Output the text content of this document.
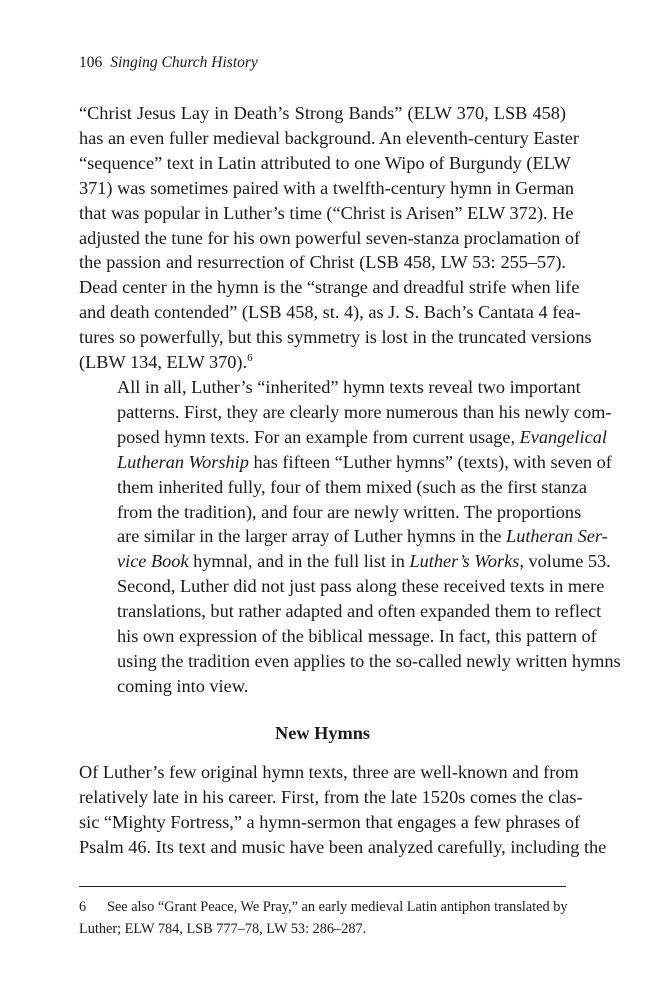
106 Singing Church History

“Christ Jesus Lay in Death’s Strong Bands” (ELW 370, LSB 458)
has an even fuller medieval background. An eleventh-century Easter
“sequence” text in Latin attributed to one Wipo of Burgundy (ELW
371) was sometimes paired with a twelfth-century hymn in German
that was popular in Luther’s time (“Christ is Arisen” ELW 372). He
adjusted the tune for his own powerful seven-stanza proclamation of
the passion and resurrection of Christ (LSB 458, LW 53: 255–57).
Dead center in the hymn is the “strange and dreadful strife when life
and death contended” (LSB 458, st. 4), as J. S. Bach’s Cantata 4 fea-
tures so powerfully, but this symmetry is lost in the truncated versions
(LBW 134, ELW 370).$^6$

All in all, Luther’s “inherited” hymn texts reveal two important
patterns. First, they are clearly more numerous than his newly com-
posed hymn texts. For an example from current usage, Evangelical
Lutheran Worship has fifteen “Luther hymns” (texts), with seven of
them inherited fully, four of them mixed (such as the first stanza
from the tradition), and four are newly written. The proportions
are similar in the larger array of Luther hymns in the Lutheran Ser-
vice Book hymnal, and in the full list in Luther’s Works, volume 53.
Second, Luther did not just pass along these received texts in mere
translations, but rather adapted and often expanded them to reflect
his own expression of the biblical message. In fact, this pattern of
using the tradition even applies to the so-called newly written hymns
coming into view.

New Hymns

Of Luther’s few original hymn texts, three are well-known and from
relatively late in his career. First, from the late 1520s comes the clas-
sic “Mighty Fortress,” a hymn-sermon that engages a few phrases of
Psalm 46. Its text and music have been analyzed carefully, including the

6 See also “Grant Peace, We Pray,” an early medieval Latin antiphon translated by
Luther; ELW 784, LSB 777–78, LW 53: 286–287.
